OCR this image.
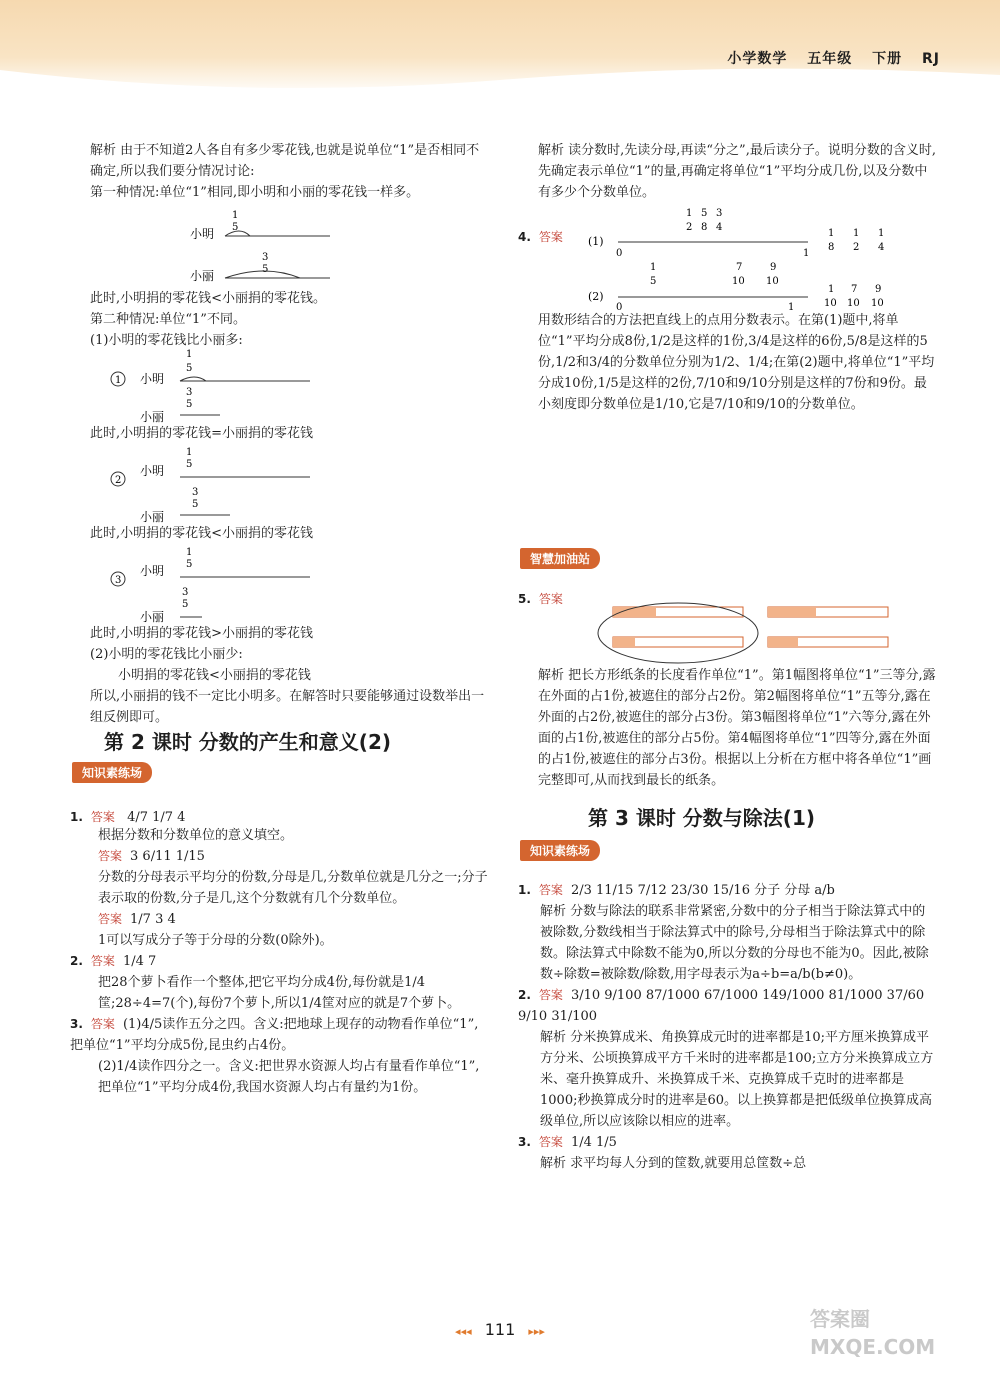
小学数学 五年级 下册 RJ

解析 由于不知道2人各自有多少零花钱,也就是说单位“1”是否相同不确定,所以我们要分情况讨论:

第一种情况:单位“1”相同,即小明和小丽的零花钱一样多。

小明
1
5
小丽
3
5

此时,小明捐的零花钱<小丽捐的零花钱。

第二种情况:单位“1”不同。

(1)小明的零花钱比小丽多:

1 小明
1
5
小丽
3
5

此时,小明捐的零花钱=小丽捐的零花钱

2
小明
1
5
小丽
3
5

此时,小明捐的零花钱<小丽捐的零花钱

3
小明
1
5
小丽
3
5

此时,小明捐的零花钱>小丽捐的零花钱

(2)小明的零花钱比小丽少:

小明捐的零花钱<小丽捐的零花钱

所以,小丽捐的钱不一定比小明多。在解答时只要能够通过设数举出一组反例即可。

第 2 课时 分数的产生和意义(2)
知识素练场
1. 答案 4/7 1/7 4

根据分数和分数单位的意义填空。

答案 3 6/11 1/15

分数的分母表示平均分的份数,分母是几,分数单位就是几分之一;分子表示取的份数,分子是几,这个分数就有几个分数单位。

答案 1/7 3 4

1可以写成分子等于分母的分数(0除外)。

2. 答案 1/4 7

把28个萝卜看作一个整体,把它平均分成4份,每份就是1/4筐;28÷4=7(个),每份7个萝卜,所以1/4筐对应的就是7个萝卜。

3. 答案 (1)4/5读作五分之四。含义:把地球上现存的动物看作单位“1”,把单位“1”平均分成5份,昆虫约占4份。

(2)1/4读作四分之一。含义:把世界水资源人均占有量看作单位“1”,把单位“1”平均分成4份,我国水资源人均占有量约为1份。

解析 读分数时,先读分母,再读“分之”,最后读分子。说明分数的含义时,先确定表示单位“1”的量,再确定将单位“1”平均分成几份,以及分数中有多少个分数单位。

4. 答案	(1)
0	1
1
2
5
8
3
4
1
8
1
2
1
4
(2)
0	1
1
5
7
10
9
10
1
10
7
10
9
10

用数形结合的方法把直线上的点用分数表示。在第(1)题中,将单位“1”平均分成8份,1/2是这样的1份,3/4是这样的6份,5/8是这样的5份,1/2和3/4的分数单位分别为1/2、1/4;在第(2)题中,将单位“1”平均分成10份,1/5是这样的2份,7/10和9/10分别是这样的7份和9份。最小刻度即分数单位是1/10,它是7/10和9/10的分数单位。

智慧加油站
5. 答案

解析 把长方形纸条的长度看作单位“1”。第1幅图将单位“1”三等分,露在外面的占1份,被遮住的部分占2份。第2幅图将单位“1”五等分,露在外面的占2份,被遮住的部分占3份。第3幅图将单位“1”六等分,露在外面的占1份,被遮住的部分占5份。第4幅图将单位“1”四等分,露在外面的占1份,被遮住的部分占3份。根据以上分析在方框中将各单位“1”画完整即可,从而找到最长的纸条。

第 3 课时 分数与除法(1)
知识素练场

1. 答案 2/3 11/15 7/12 23/30 15/16 分子 分母 a/b

解析 分数与除法的联系非常紧密,分数中的分子相当于除法算式中的被除数,分数线相当于除法算式中的除号,分母相当于除法算式中的除数。除法算式中除数不能为0,所以分数的分母也不能为0。因此,被除数÷除数=被除数/除数,用字母表示为a÷b=a/b(b≠0)。

2. 答案 3/10 9/100 87/1000 67/1000 149/1000 81/1000 37/60 9/10 31/100

解析 分米换算成米、角换算成元时的进率都是10;平方厘米换算成平方分米、公顷换算成平方千米时的进率都是100;立方分米换算成立方米、毫升换算成升、米换算成千米、克换算成千克时的进率都是1000;秒换算成分时的进率是60。以上换算都是把低级单位换算成高级单位,所以应该除以相应的进率。

3. 答案 1/4 1/5

解析 求平均每人分到的筐数,就要用总筐数÷总

◂◂◂ 111 ▸▸▸
答案圈 MXQE.COM
